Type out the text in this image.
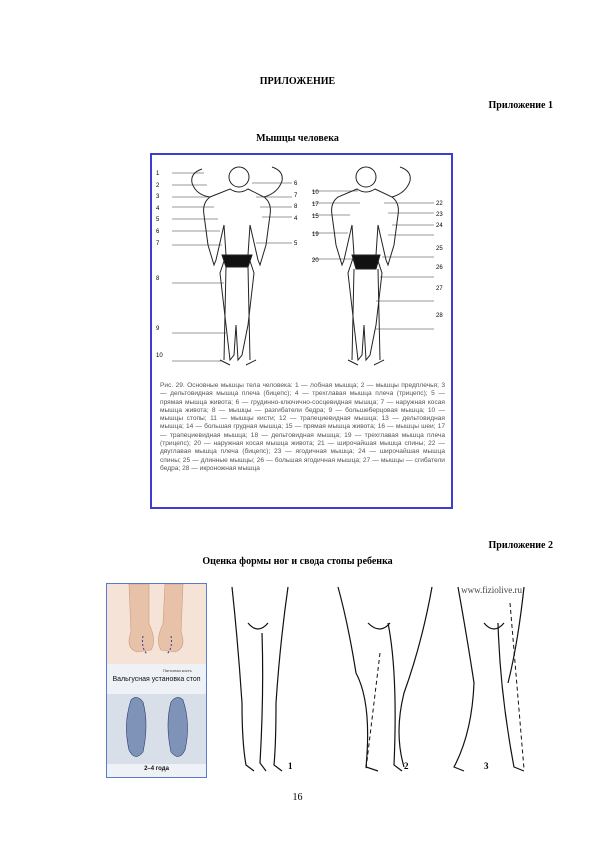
ПРИЛОЖЕНИЕ
Приложение 1
Мышцы человека
1
2
3
4
5
6
7
8
9
10
6
7
8
4
5
10
17
15
19
20
22
23
24
25
26
27
28
Рис. 29. Основные мышцы тела человека: 1 — лобная мышца; 2 — мышцы предплечья; 3 — дельтовидная мышца плеча (бицепс); 4 — трехглавая мышца плеча (трицепс); 5 — прямая мышца живота; 6 — грудинно-ключично-сосцевидная мышца; 7 — наружная косая мышца живота; 8 — мышцы — разгибатели бедра; 9 — большеберцовая мышца; 10 — мышцы стопы; 11 — мышцы кисти; 12 — трапециевидная мышца; 13 — дельтовидная мышца; 14 — большая грудная мышца; 15 — прямая мышца живота; 16 — мышцы шеи; 17 — трапециевидная мышца; 18 — дельтовидная мышца; 19 — трехглавая мышца плеча (трицепс); 20 — наружная косая мышца живота; 21 — широчайшая мышца спины; 22 — двуглавая мышца плеча (бицепс); 23 — ягодичная мышца; 24 — широчайшая мышца спины; 25 — длинные мышцы; 26 — большая ягодичная мышца; 27 — мышцы — сгибатели бедра; 28 — икроножная мышца
Приложение 2
Оценка формы ног и свода стопы ребенка
Пяточная кость
Вальгусная установка стоп
2–4 года
www.fiziolive.ru
1	2	3
16
